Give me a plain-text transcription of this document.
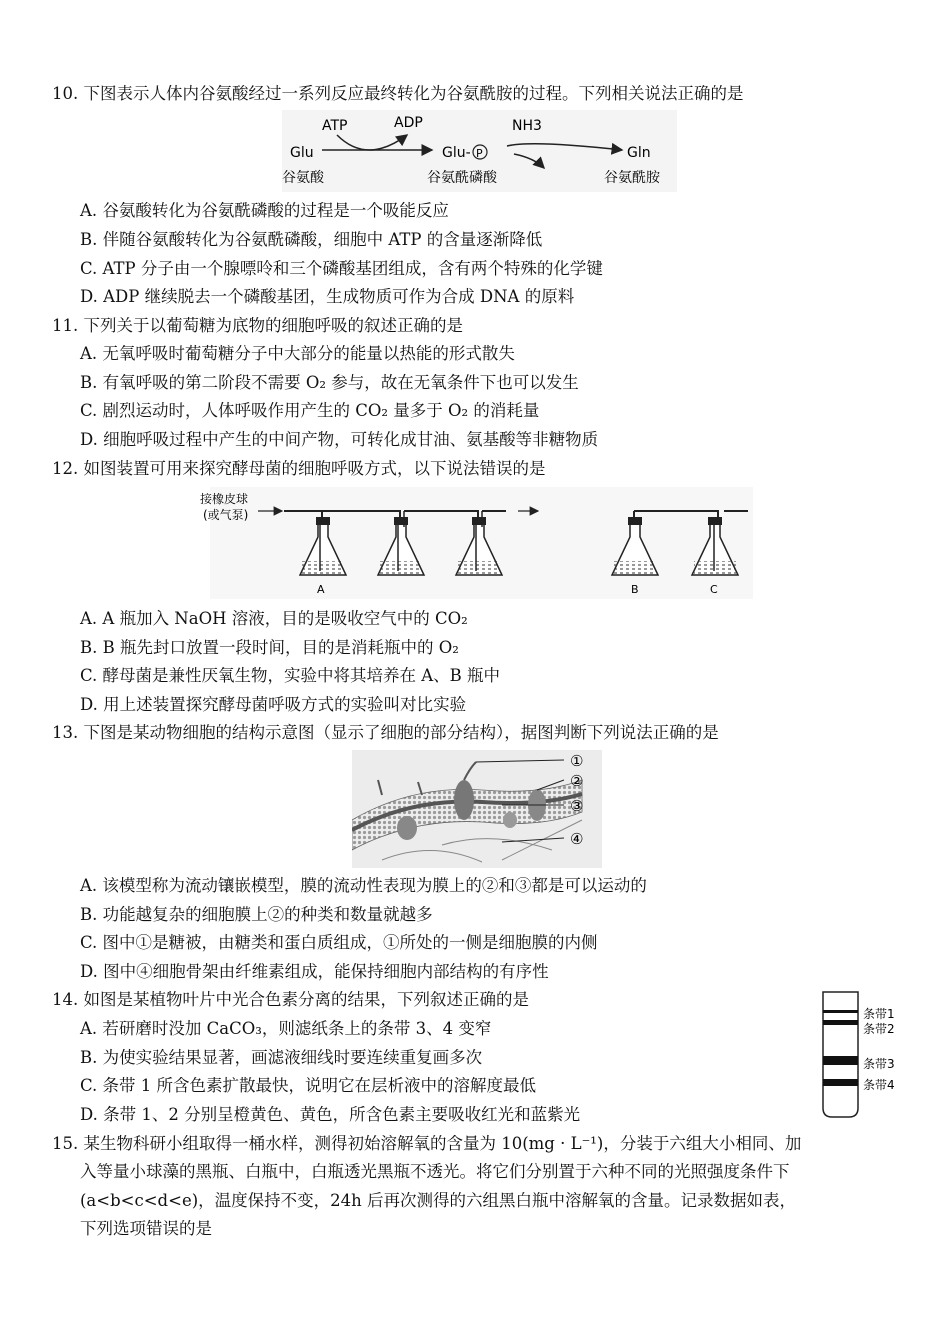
10. 下图表示人体内谷氨酸经过一系列反应最终转化为谷氨酰胺的过程。下列相关说法正确的是
ATP	ADP	NH3
Glu
谷氨酸
Glu- P
谷氨酰磷酸
Gln
谷氨酰胺
A. 谷氨酸转化为谷氨酰磷酸的过程是一个吸能反应
B. 伴随谷氨酸转化为谷氨酰磷酸，细胞中 ATP 的含量逐渐降低
C. ATP 分子由一个腺嘌呤和三个磷酸基团组成，含有两个特殊的化学键
D. ADP 继续脱去一个磷酸基团，生成物质可作为合成 DNA 的原料
11. 下列关于以葡萄糖为底物的细胞呼吸的叙述正确的是
A. 无氧呼吸时葡萄糖分子中大部分的能量以热能的形式散失
B. 有氧呼吸的第二阶段不需要 O₂ 参与，故在无氧条件下也可以发生
C. 剧烈运动时，人体呼吸作用产生的 CO₂ 量多于 O₂ 的消耗量
D. 细胞呼吸过程中产生的中间产物，可转化成甘油、氨基酸等非糖物质
12. 如图装置可用来探究酵母菌的细胞呼吸方式，以下说法错误的是
接橡皮球
(或气泵)
A	B	C
A. A 瓶加入 NaOH 溶液，目的是吸收空气中的 CO₂
B. B 瓶先封口放置一段时间，目的是消耗瓶中的 O₂
C. 酵母菌是兼性厌氧生物，实验中将其培养在 A、B 瓶中
D. 用上述装置探究酵母菌呼吸方式的实验叫对比实验
13. 下图是某动物细胞的结构示意图（显示了细胞的部分结构），据图判断下列说法正确的是
①
②
③
④
A. 该模型称为流动镶嵌模型，膜的流动性表现为膜上的②和③都是可以运动的
B. 功能越复杂的细胞膜上②的种类和数量就越多
C. 图中①是糖被，由糖类和蛋白质组成，①所处的一侧是细胞膜的内侧
D. 图中④细胞骨架由纤维素组成，能保持细胞内部结构的有序性
14. 如图是某植物叶片中光合色素分离的结果，下列叙述正确的是
A. 若研磨时没加 CaCO₃，则滤纸条上的条带 3、4 变窄
B. 为使实验结果显著，画滤液细线时要连续重复画多次
C. 条带 1 所含色素扩散最快，说明它在层析液中的溶解度最低
D. 条带 1、2 分别呈橙黄色、黄色，所含色素主要吸收红光和蓝紫光
条带1
条带2
条带3
条带4
15. 某生物科研小组取得一桶水样，测得初始溶解氧的含量为 10(mg · L⁻¹)，分装于六组大小相同、加
入等量小球藻的黑瓶、白瓶中，白瓶透光黑瓶不透光。将它们分别置于六种不同的光照强度条件下
(a<b<c<d<e)，温度保持不变，24h 后再次测得的六组黑白瓶中溶解氧的含量。记录数据如表，
下列选项错误的是
